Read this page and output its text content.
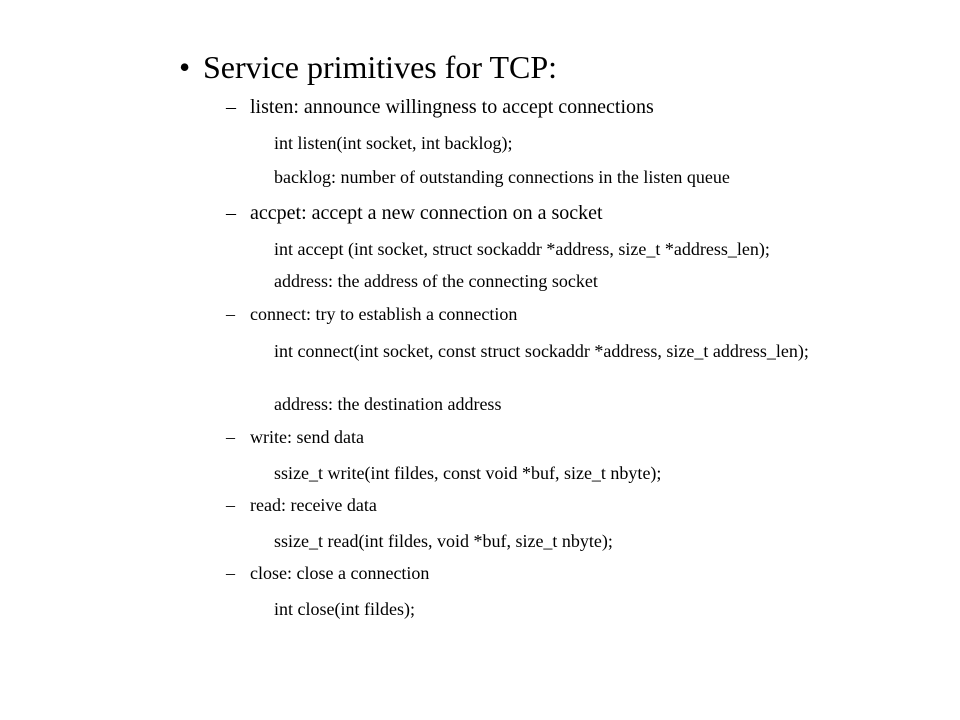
• Service primitives for TCP:
– listen: announce willingness to accept connections
int listen(int socket, int backlog);
backlog: number of outstanding connections in the listen queue
– accpet: accept a new connection on a socket
int accept (int socket, struct sockaddr *address, size_t *address_len);
address: the address of the connecting socket
– connect: try to establish a connection
int connect(int socket, const struct sockaddr *address, size_t address_len);
address: the destination address
– write: send data
ssize_t write(int fildes, const void *buf, size_t nbyte);
– read: receive data
ssize_t read(int fildes, void *buf, size_t nbyte);
– close: close a connection
int close(int fildes);
